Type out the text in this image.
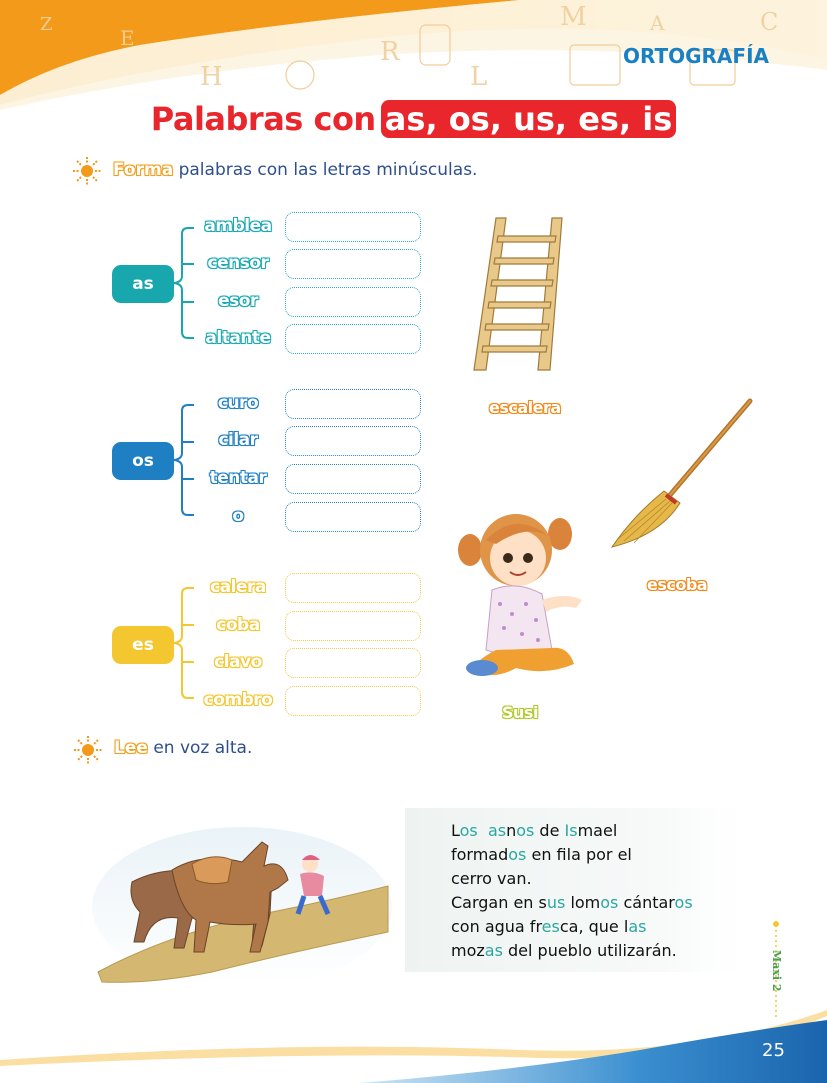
Z
E
H
R
M
L
C
A
ORTOGRAFÍA
Palabras con as, os, us, es, is
Forma palabras con las letras minúsculas.
as
amblea
censor
esor
altante
os
curo
cilar
tentar
o
es
calera
coba
clavo
combro
escalera
escoba
Susi
Lee en voz alta.
Los asnos de Ismael
formados en fila por el
cerro van.
Cargan en sus lomos cántaros
con agua fresca, que las
mozas del pueblo utilizarán.	Maxi 2
25
